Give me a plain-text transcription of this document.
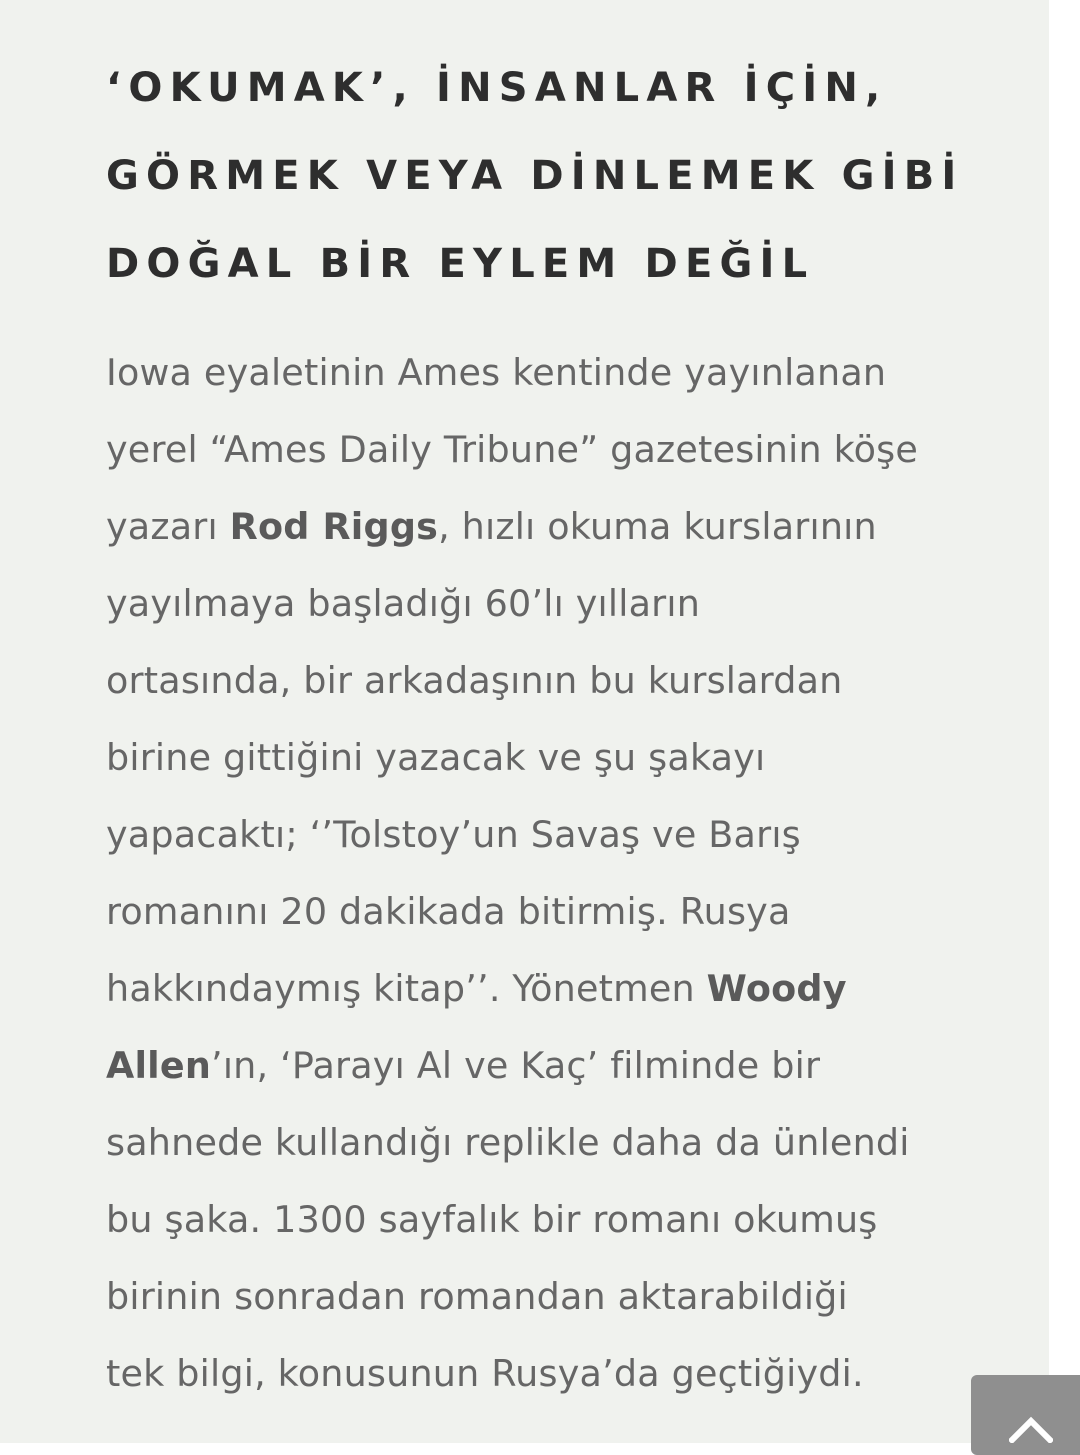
‘OKUMAK’, İNSANLAR İÇİN,
GÖRMEK VEYA DİNLEMEK GİBİ
DOĞAL BİR EYLEM DEĞİL

Iowa eyaletinin Ames kentinde yayınlanan
yerel “Ames Daily Tribune” gazetesinin köşe
yazarı Rod Riggs, hızlı okuma kurslarının
yayılmaya başladığı 60’lı yılların
ortasında, bir arkadaşının bu kurslardan
birine gittiğini yazacak ve şu şakayı
yapacaktı; ‘’Tolstoy’un Savaş ve Barış
romanını 20 dakikada bitirmiş. Rusya
hakkındaymış kitap’’. Yönetmen Woody
Allen’ın, ‘Parayı Al ve Kaç’ filminde bir
sahnede kullandığı replikle daha da ünlendi
bu şaka. 1300 sayfalık bir romanı okumuş
birinin sonradan romandan aktarabildiği
tek bilgi, konusunun Rusya’da geçtiğiydi.
